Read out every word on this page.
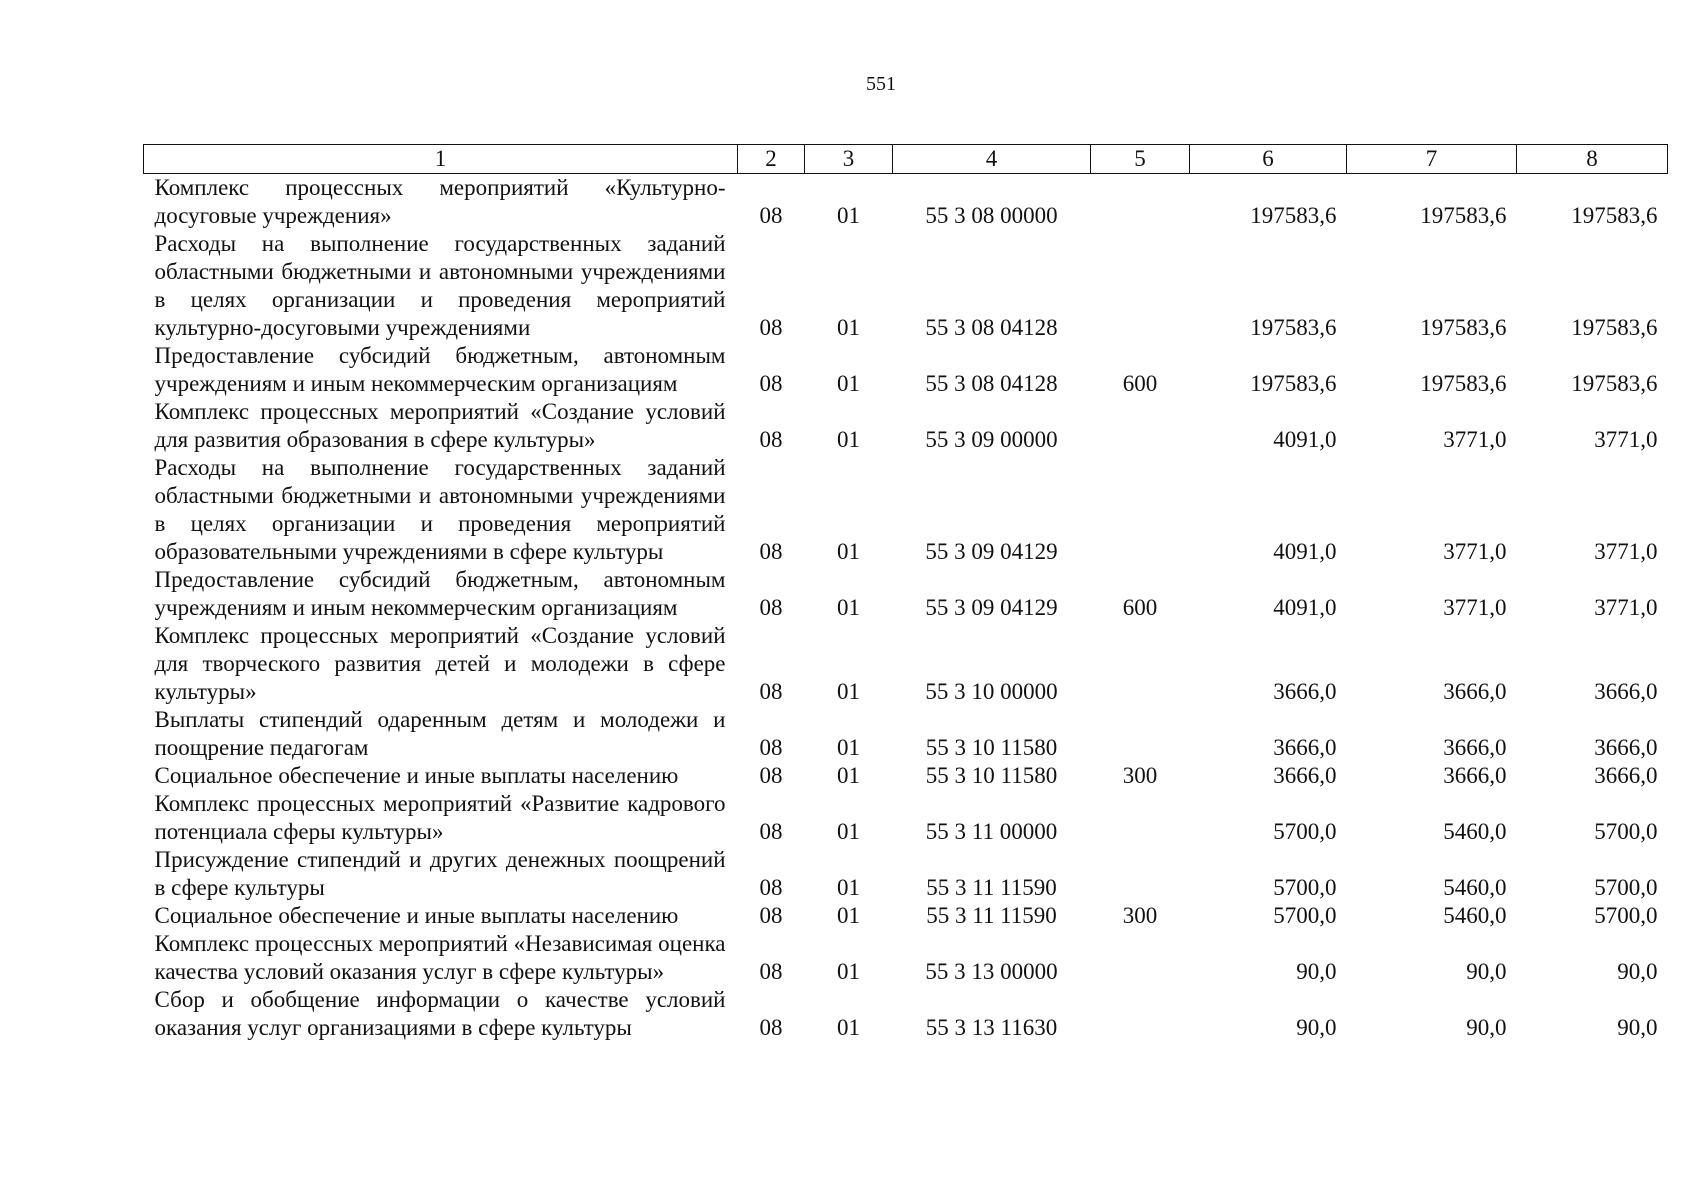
551
1	2	3	4	5	6	7	8
Комплекс процессных мероприятий «Культурно-досуговые учреждения»	08	01	55 3 08 00000		197583,6	197583,6	197583,6
Расходы на выполнение государственных заданий областными бюджетными и автономными учреждениями в целях организации и проведения мероприятий культурно-досуговыми учреждениями	08	01	55 3 08 04128		197583,6	197583,6	197583,6
Предоставление субсидий бюджетным, автономным учреждениям и иным некоммерческим организациям	08	01	55 3 08 04128	600	197583,6	197583,6	197583,6
Комплекс процессных мероприятий «Создание условий для развития образования в сфере культуры»	08	01	55 3 09 00000		4091,0	3771,0	3771,0
Расходы на выполнение государственных заданий областными бюджетными и автономными учреждениями в целях организации и проведения мероприятий образовательными учреждениями в сфере культуры	08	01	55 3 09 04129		4091,0	3771,0	3771,0
Предоставление субсидий бюджетным, автономным учреждениям и иным некоммерческим организациям	08	01	55 3 09 04129	600	4091,0	3771,0	3771,0
Комплекс процессных мероприятий «Создание условий для творческого развития детей и молодежи в сфере культуры»	08	01	55 3 10 00000		3666,0	3666,0	3666,0
Выплаты стипендий одаренным детям и молодежи и поощрение педагогам	08	01	55 3 10 11580		3666,0	3666,0	3666,0
Социальное обеспечение и иные выплаты населению	08	01	55 3 10 11580	300	3666,0	3666,0	3666,0
Комплекс процессных мероприятий «Развитие кадрового потенциала сферы культуры»	08	01	55 3 11 00000		5700,0	5460,0	5700,0
Присуждение стипендий и других денежных поощрений в сфере культуры	08	01	55 3 11 11590		5700,0	5460,0	5700,0
Социальное обеспечение и иные выплаты населению	08	01	55 3 11 11590	300	5700,0	5460,0	5700,0
Комплекс процессных мероприятий «Независимая оценка качества условий оказания услуг в сфере культуры»	08	01	55 3 13 00000		90,0	90,0	90,0
Сбор и обобщение информации о качестве условий оказания услуг организациями в сфере культуры	08	01	55 3 13 11630		90,0	90,0	90,0
